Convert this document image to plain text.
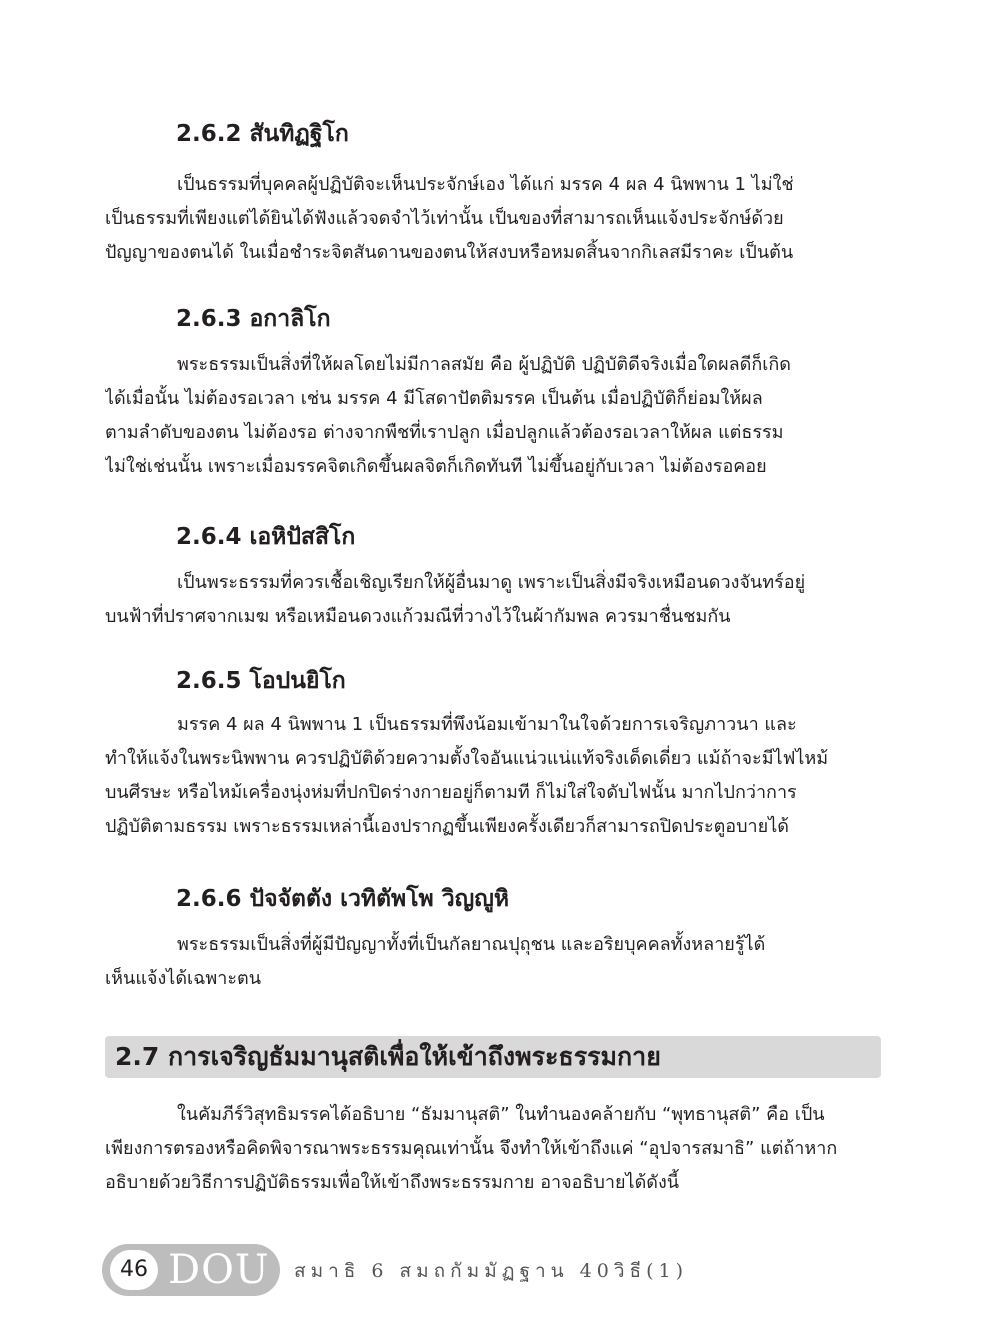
2.6.2 สันทิฏฐิโก
เป็นธรรมที่บุคคลผู้ปฏิบัติจะเห็นประจักษ์เอง ได้แก่ มรรค 4 ผล 4 นิพพาน 1 ไม่ใช่
เป็นธรรมที่เพียงแต่ได้ยินได้ฟังแล้วจดจำไว้เท่านั้น เป็นของที่สามารถเห็นแจ้งประจักษ์ด้วย
ปัญญาของตนได้ ในเมื่อชำระจิตสันดานของตนให้สงบหรือหมดสิ้นจากกิเลสมีราคะ เป็นต้น
2.6.3 อกาลิโก
พระธรรมเป็นสิ่งที่ให้ผลโดยไม่มีกาลสมัย คือ ผู้ปฏิบัติ ปฏิบัติดีจริงเมื่อใดผลดีก็เกิด
ได้เมื่อนั้น ไม่ต้องรอเวลา เช่น มรรค 4 มีโสดาปัตติมรรค เป็นต้น เมื่อปฏิบัติก็ย่อมให้ผล
ตามลำดับของตน ไม่ต้องรอ ต่างจากพืชที่เราปลูก เมื่อปลูกแล้วต้องรอเวลาให้ผล แต่ธรรม
ไม่ใช่เช่นนั้น เพราะเมื่อมรรคจิตเกิดขึ้นผลจิตก็เกิดทันที ไม่ขึ้นอยู่กับเวลา ไม่ต้องรอคอย
2.6.4 เอหิปัสสิโก
เป็นพระธรรมที่ควรเชื้อเชิญเรียกให้ผู้อื่นมาดู เพราะเป็นสิ่งมีจริงเหมือนดวงจันทร์อยู่
บนฟ้าที่ปราศจากเมฆ หรือเหมือนดวงแก้วมณีที่วางไว้ในผ้ากัมพล ควรมาชื่นชมกัน
2.6.5 โอปนยิโก
มรรค 4 ผล 4 นิพพาน 1 เป็นธรรมที่พึงน้อมเข้ามาในใจด้วยการเจริญภาวนา และ
ทำให้แจ้งในพระนิพพาน ควรปฏิบัติด้วยความตั้งใจอันแน่วแน่แท้จริงเด็ดเดี่ยว แม้ถ้าจะมีไฟไหม้
บนศีรษะ หรือไหม้เครื่องนุ่งห่มที่ปกปิดร่างกายอยู่ก็ตามที ก็ไม่ใส่ใจดับไฟนั้น มากไปกว่าการ
ปฏิบัติตามธรรม เพราะธรรมเหล่านี้เองปรากฏขึ้นเพียงครั้งเดียวก็สามารถปิดประตูอบายได้
2.6.6 ปัจจัตตัง เวทิตัพโพ วิญญูหิ
พระธรรมเป็นสิ่งที่ผู้มีปัญญาทั้งที่เป็นกัลยาณปุถุชน และอริยบุคคลทั้งหลายรู้ได้
เห็นแจ้งได้เฉพาะตน
2.7 การเจริญธัมมานุสติเพื่อให้เข้าถึงพระธรรมกาย
ในคัมภีร์วิสุทธิมรรคได้อธิบาย “ธัมมานุสติ” ในทำนองคล้ายกับ “พุทธานุสติ” คือ เป็น
เพียงการตรองหรือคิดพิจารณาพระธรรมคุณเท่านั้น จึงทำให้เข้าถึงแค่ “อุปจารสมาธิ” แต่ถ้าหาก
อธิบายด้วยวิธีการปฏิบัติธรรมเพื่อให้เข้าถึงพระธรรมกาย อาจอธิบายได้ดังนี้
46 DOU สมาธิ 6 สมถกัมมัฏฐาน 40วิธี(1)
